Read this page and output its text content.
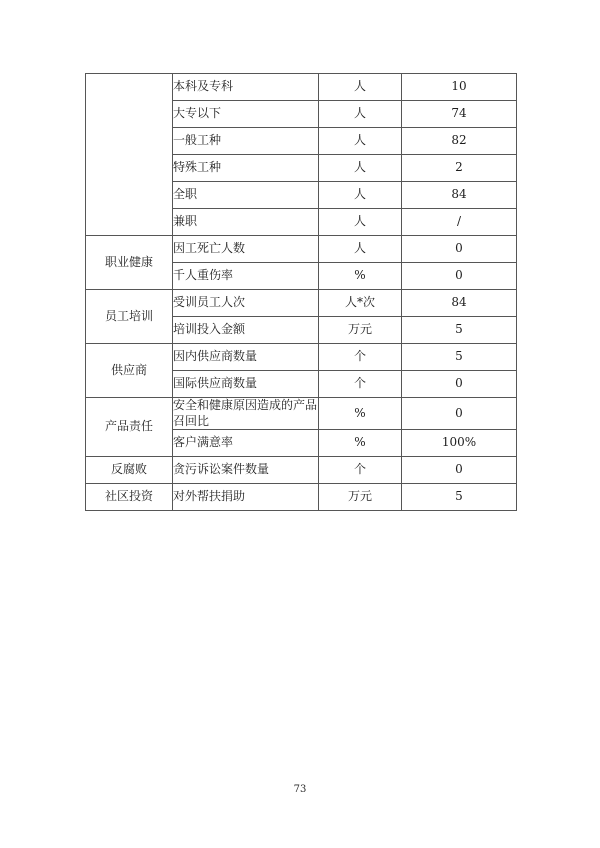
	本科及专科	人	10
	大专以下	人	74
	一般工种	人	82
	特殊工种	人	2
	全职	人	84
	兼职	人	/
职业健康	因工死亡人数	人	0
	千人重伤率	%	0
员工培训	受训员工人次	人*次	84
	培训投入金额	万元	5
供应商	因内供应商数量	个	5
	国际供应商数量	个	0
产品责任	安全和健康原因造成的产品召回比	%	0
	客户满意率	%	100%
反腐败	贪污诉讼案件数量	个	0
社区投资	对外帮扶捐助	万元	5
73
